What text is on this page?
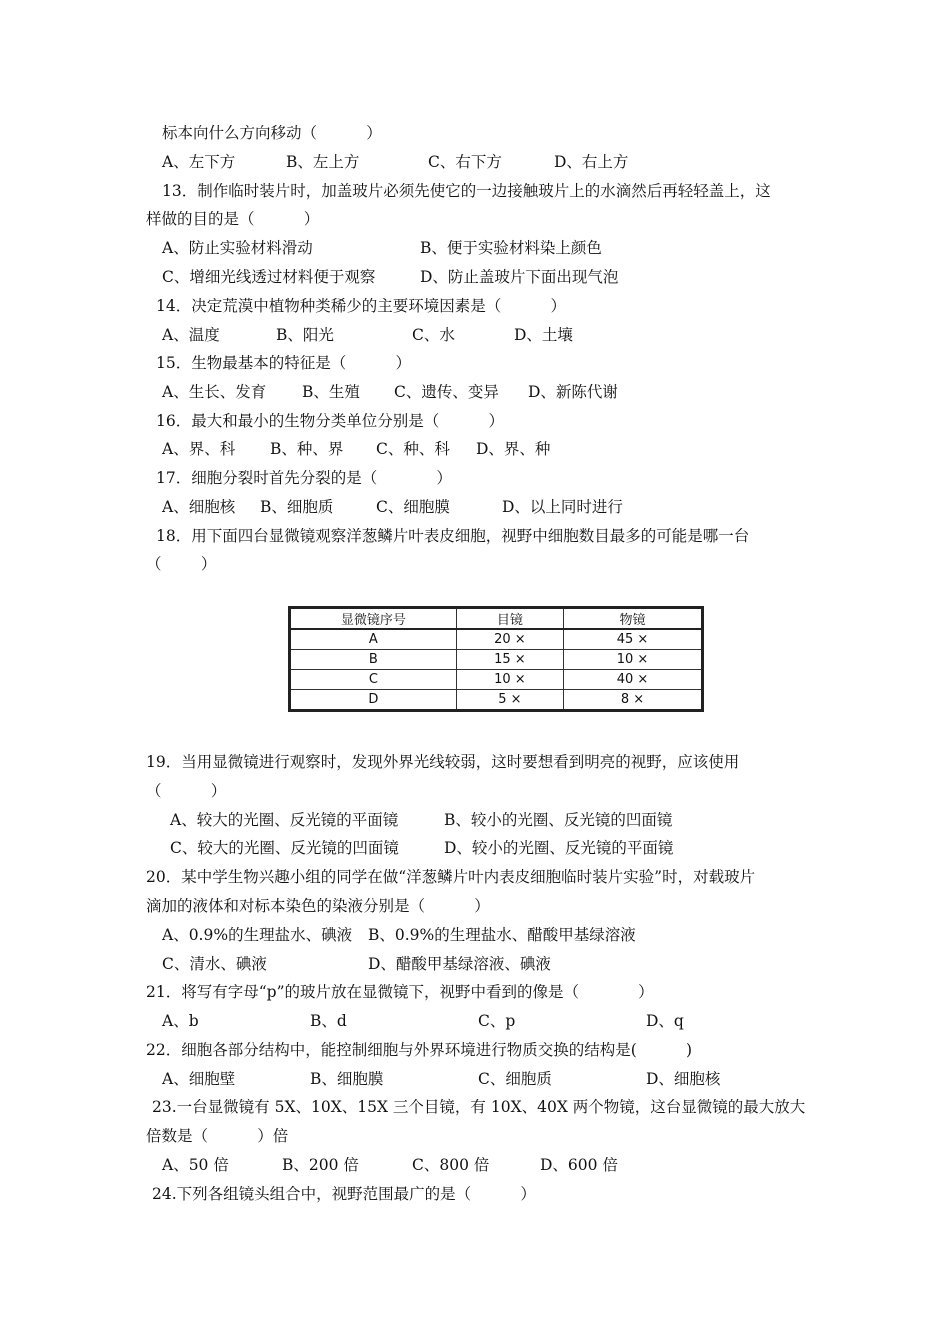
标本向什么方向移动（          ）
A、左下方	B、左上方	C、右下方	D、右上方
13．制作临时装片时，加盖玻片必须先使它的一边接触玻片上的水滴然后再轻轻盖上，这
样做的目的是（          ）
A、防止实验材料滑动	B、便于实验材料染上颜色
C、增细光线透过材料便于观察	D、防止盖玻片下面出现气泡
14．决定荒漠中植物种类稀少的主要环境因素是（          ）
A、温度	B、阳光	C、水	D、土壤
15．生物最基本的特征是（          ）
A、生长、发育 B、生殖 C、遗传、变异 D、新陈代谢
16．最大和最小的生物分类单位分别是（          ）
A、界、科 B、种、界 C、种、科 D、界、种
17．细胞分裂时首先分裂的是（            ）
A、细胞核 B、细胞质	C、细胞膜	D、以上同时进行
18．用下面四台显微镜观察洋葱鳞片叶表皮细胞，视野中细胞数目最多的可能是哪一台
（        ）
显微镜序号	目镜	物镜
A	20 ×	45 ×
B	15 ×	10 ×
C	10 ×	40 ×
D	5 ×	8 ×
19．当用显微镜进行观察时，发现外界光线较弱，这时要想看到明亮的视野，应该使用
（          ）
A、较大的光圈、反光镜的平面镜	B、较小的光圈、反光镜的凹面镜
C、较大的光圈、反光镜的凹面镜	D、较小的光圈、反光镜的平面镜
20．某中学生物兴趣小组的同学在做“洋葱鳞片叶内表皮细胞临时装片实验”时，对载玻片
滴加的液体和对标本染色的染液分别是（          ）
A、0.9%的生理盐水、碘液 B、0.9%的生理盐水、醋酸甲基绿溶液
C、清水、碘液	D、醋酸甲基绿溶液、碘液
21．将写有字母“p”的玻片放在显微镜下，视野中看到的像是（            ）
A、b	B、d	C、p	D、q
22．细胞各部分结构中，能控制细胞与外界环境进行物质交换的结构是(          )
A、细胞壁	B、细胞膜	C、细胞质	D、细胞核
23.一台显微镜有 5X、10X、15X 三个目镜，有 10X、40X 两个物镜，这台显微镜的最大放大
倍数是（          ）倍
A、50 倍	B、200 倍	C、800 倍	D、600 倍
24.下列各组镜头组合中，视野范围最广的是（          ）
